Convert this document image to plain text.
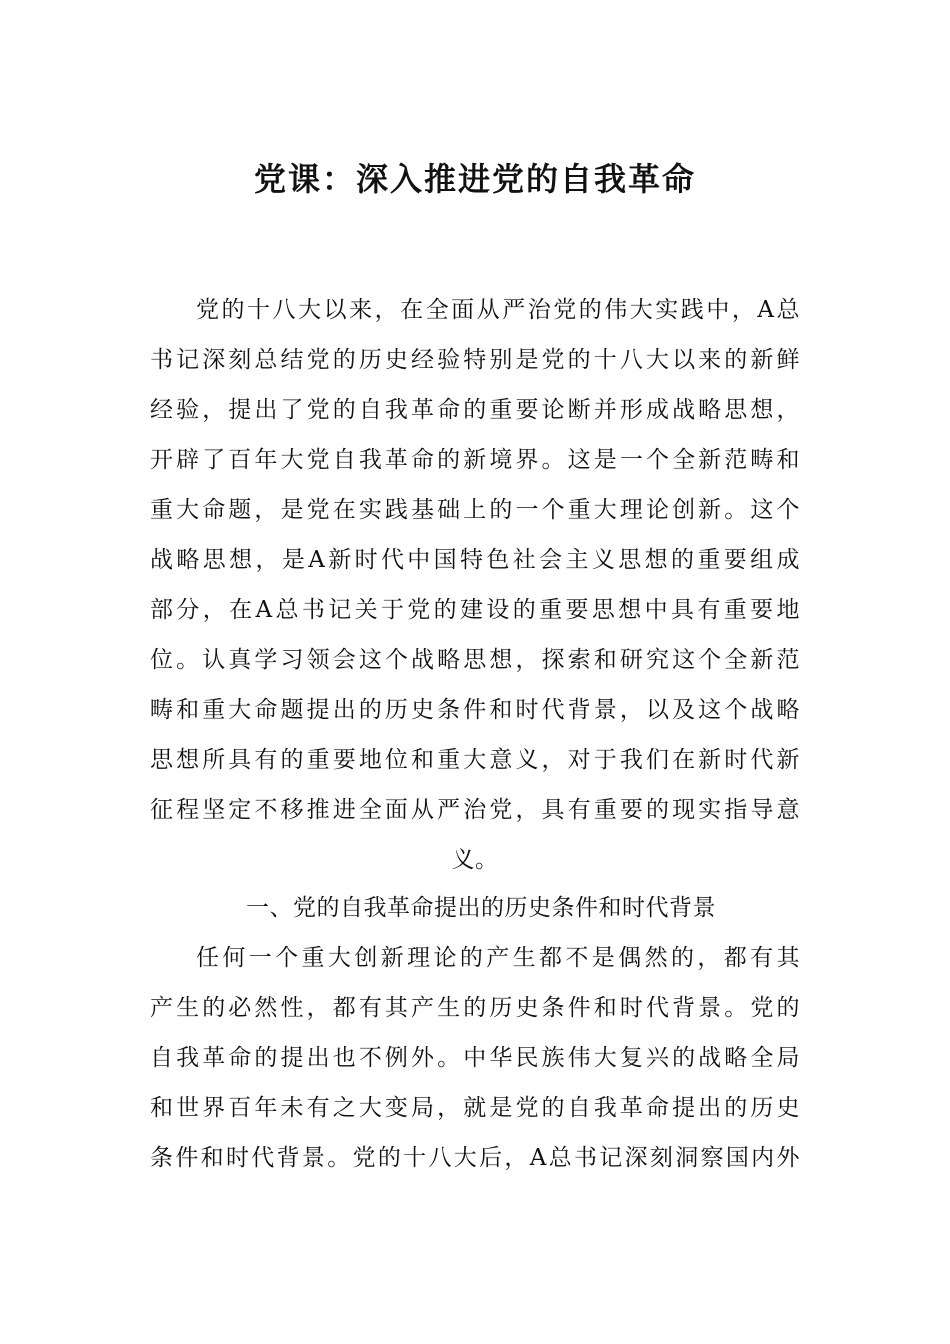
党课：深入推进党的自我革命
党的十八大以来，在全面从严治党的伟大实践中，A总
书记深刻总结党的历史经验特别是党的十八大以来的新鲜
经验，提出了党的自我革命的重要论断并形成战略思想，
开辟了百年大党自我革命的新境界。这是一个全新范畴和
重大命题，是党在实践基础上的一个重大理论创新。这个
战略思想，是A新时代中国特色社会主义思想的重要组成
部分，在A总书记关于党的建设的重要思想中具有重要地
位。认真学习领会这个战略思想，探索和研究这个全新范
畴和重大命题提出的历史条件和时代背景，以及这个战略
思想所具有的重要地位和重大意义，对于我们在新时代新
征程坚定不移推进全面从严治党，具有重要的现实指导意
义。
一、党的自我革命提出的历史条件和时代背景
任何一个重大创新理论的产生都不是偶然的，都有其
产生的必然性，都有其产生的历史条件和时代背景。党的
自我革命的提出也不例外。中华民族伟大复兴的战略全局
和世界百年未有之大变局，就是党的自我革命提出的历史
条件和时代背景。党的十八大后，A总书记深刻洞察国内外
